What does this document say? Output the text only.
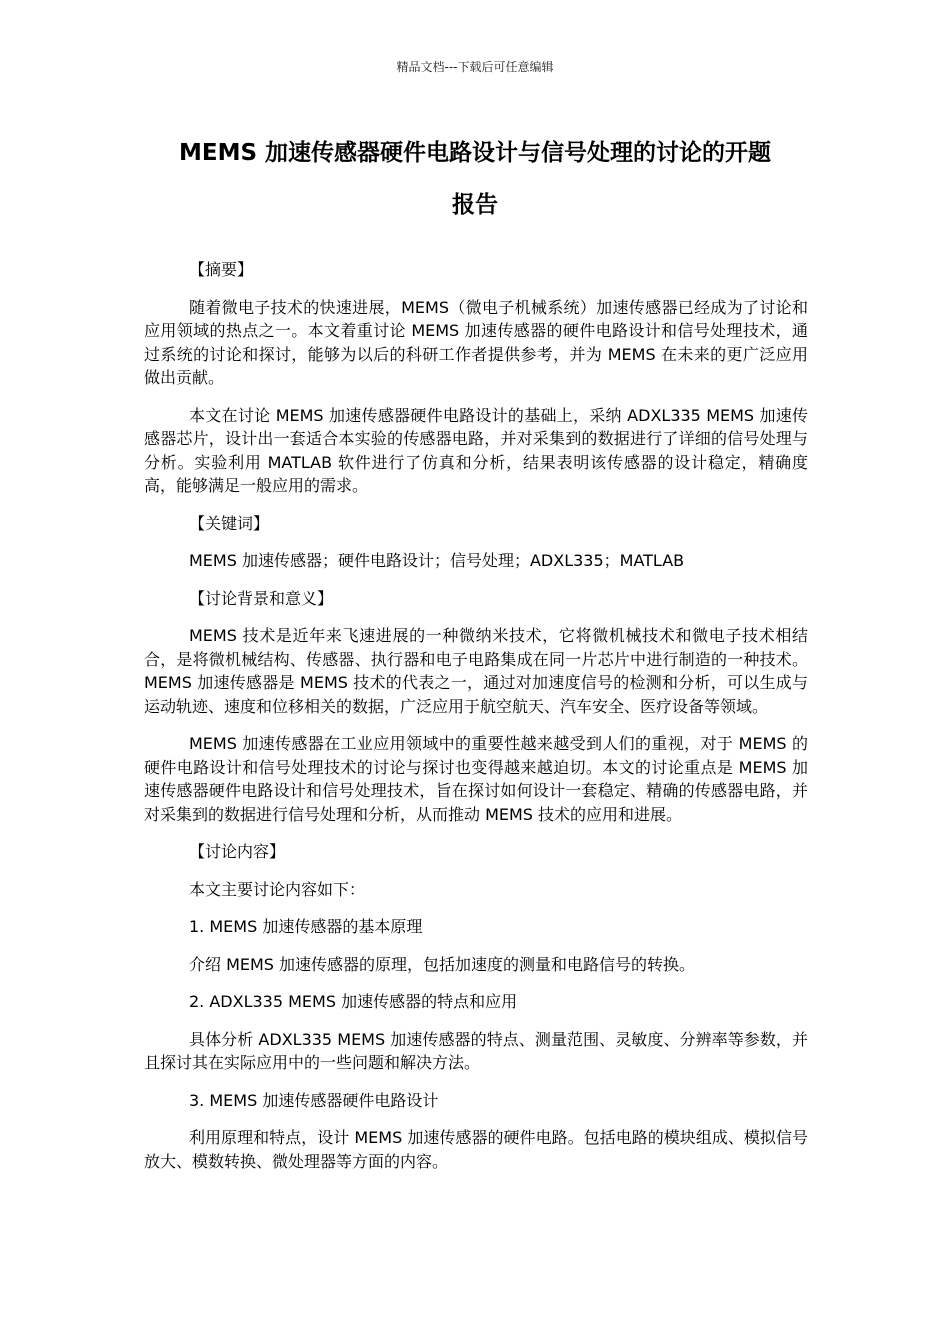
精品文档---下载后可任意编辑
MEMS 加速传感器硬件电路设计与信号处理的讨论的开题
报告

【摘要】

随着微电子技术的快速进展，MEMS（微电子机械系统）加速传感器已经成为了讨论和应用领域的热点之一。本文着重讨论 MEMS 加速传感器的硬件电路设计和信号处理技术，通过系统的讨论和探讨，能够为以后的科研工作者提供参考，并为 MEMS 在未来的更广泛应用做出贡献。

本文在讨论 MEMS 加速传感器硬件电路设计的基础上，采纳 ADXL335 MEMS 加速传感器芯片，设计出一套适合本实验的传感器电路，并对采集到的数据进行了详细的信号处理与分析。实验利用 MATLAB 软件进行了仿真和分析，结果表明该传感器的设计稳定，精确度高，能够满足一般应用的需求。

【关键词】

MEMS 加速传感器；硬件电路设计；信号处理；ADXL335；MATLAB

【讨论背景和意义】

MEMS 技术是近年来飞速进展的一种微纳米技术，它将微机械技术和微电子技术相结合，是将微机械结构、传感器、执行器和电子电路集成在同一片芯片中进行制造的一种技术。MEMS 加速传感器是 MEMS 技术的代表之一，通过对加速度信号的检测和分析，可以生成与运动轨迹、速度和位移相关的数据，广泛应用于航空航天、汽车安全、医疗设备等领域。

MEMS 加速传感器在工业应用领域中的重要性越来越受到人们的重视，对于 MEMS 的硬件电路设计和信号处理技术的讨论与探讨也变得越来越迫切。本文的讨论重点是 MEMS 加速传感器硬件电路设计和信号处理技术，旨在探讨如何设计一套稳定、精确的传感器电路，并对采集到的数据进行信号处理和分析，从而推动 MEMS 技术的应用和进展。

【讨论内容】

本文主要讨论内容如下：

1. MEMS 加速传感器的基本原理

介绍 MEMS 加速传感器的原理，包括加速度的测量和电路信号的转换。

2. ADXL335 MEMS 加速传感器的特点和应用

具体分析 ADXL335 MEMS 加速传感器的特点、测量范围、灵敏度、分辨率等参数，并且探讨其在实际应用中的一些问题和解决方法。

3. MEMS 加速传感器硬件电路设计

利用原理和特点，设计 MEMS 加速传感器的硬件电路。包括电路的模块组成、模拟信号放大、模数转换、微处理器等方面的内容。
